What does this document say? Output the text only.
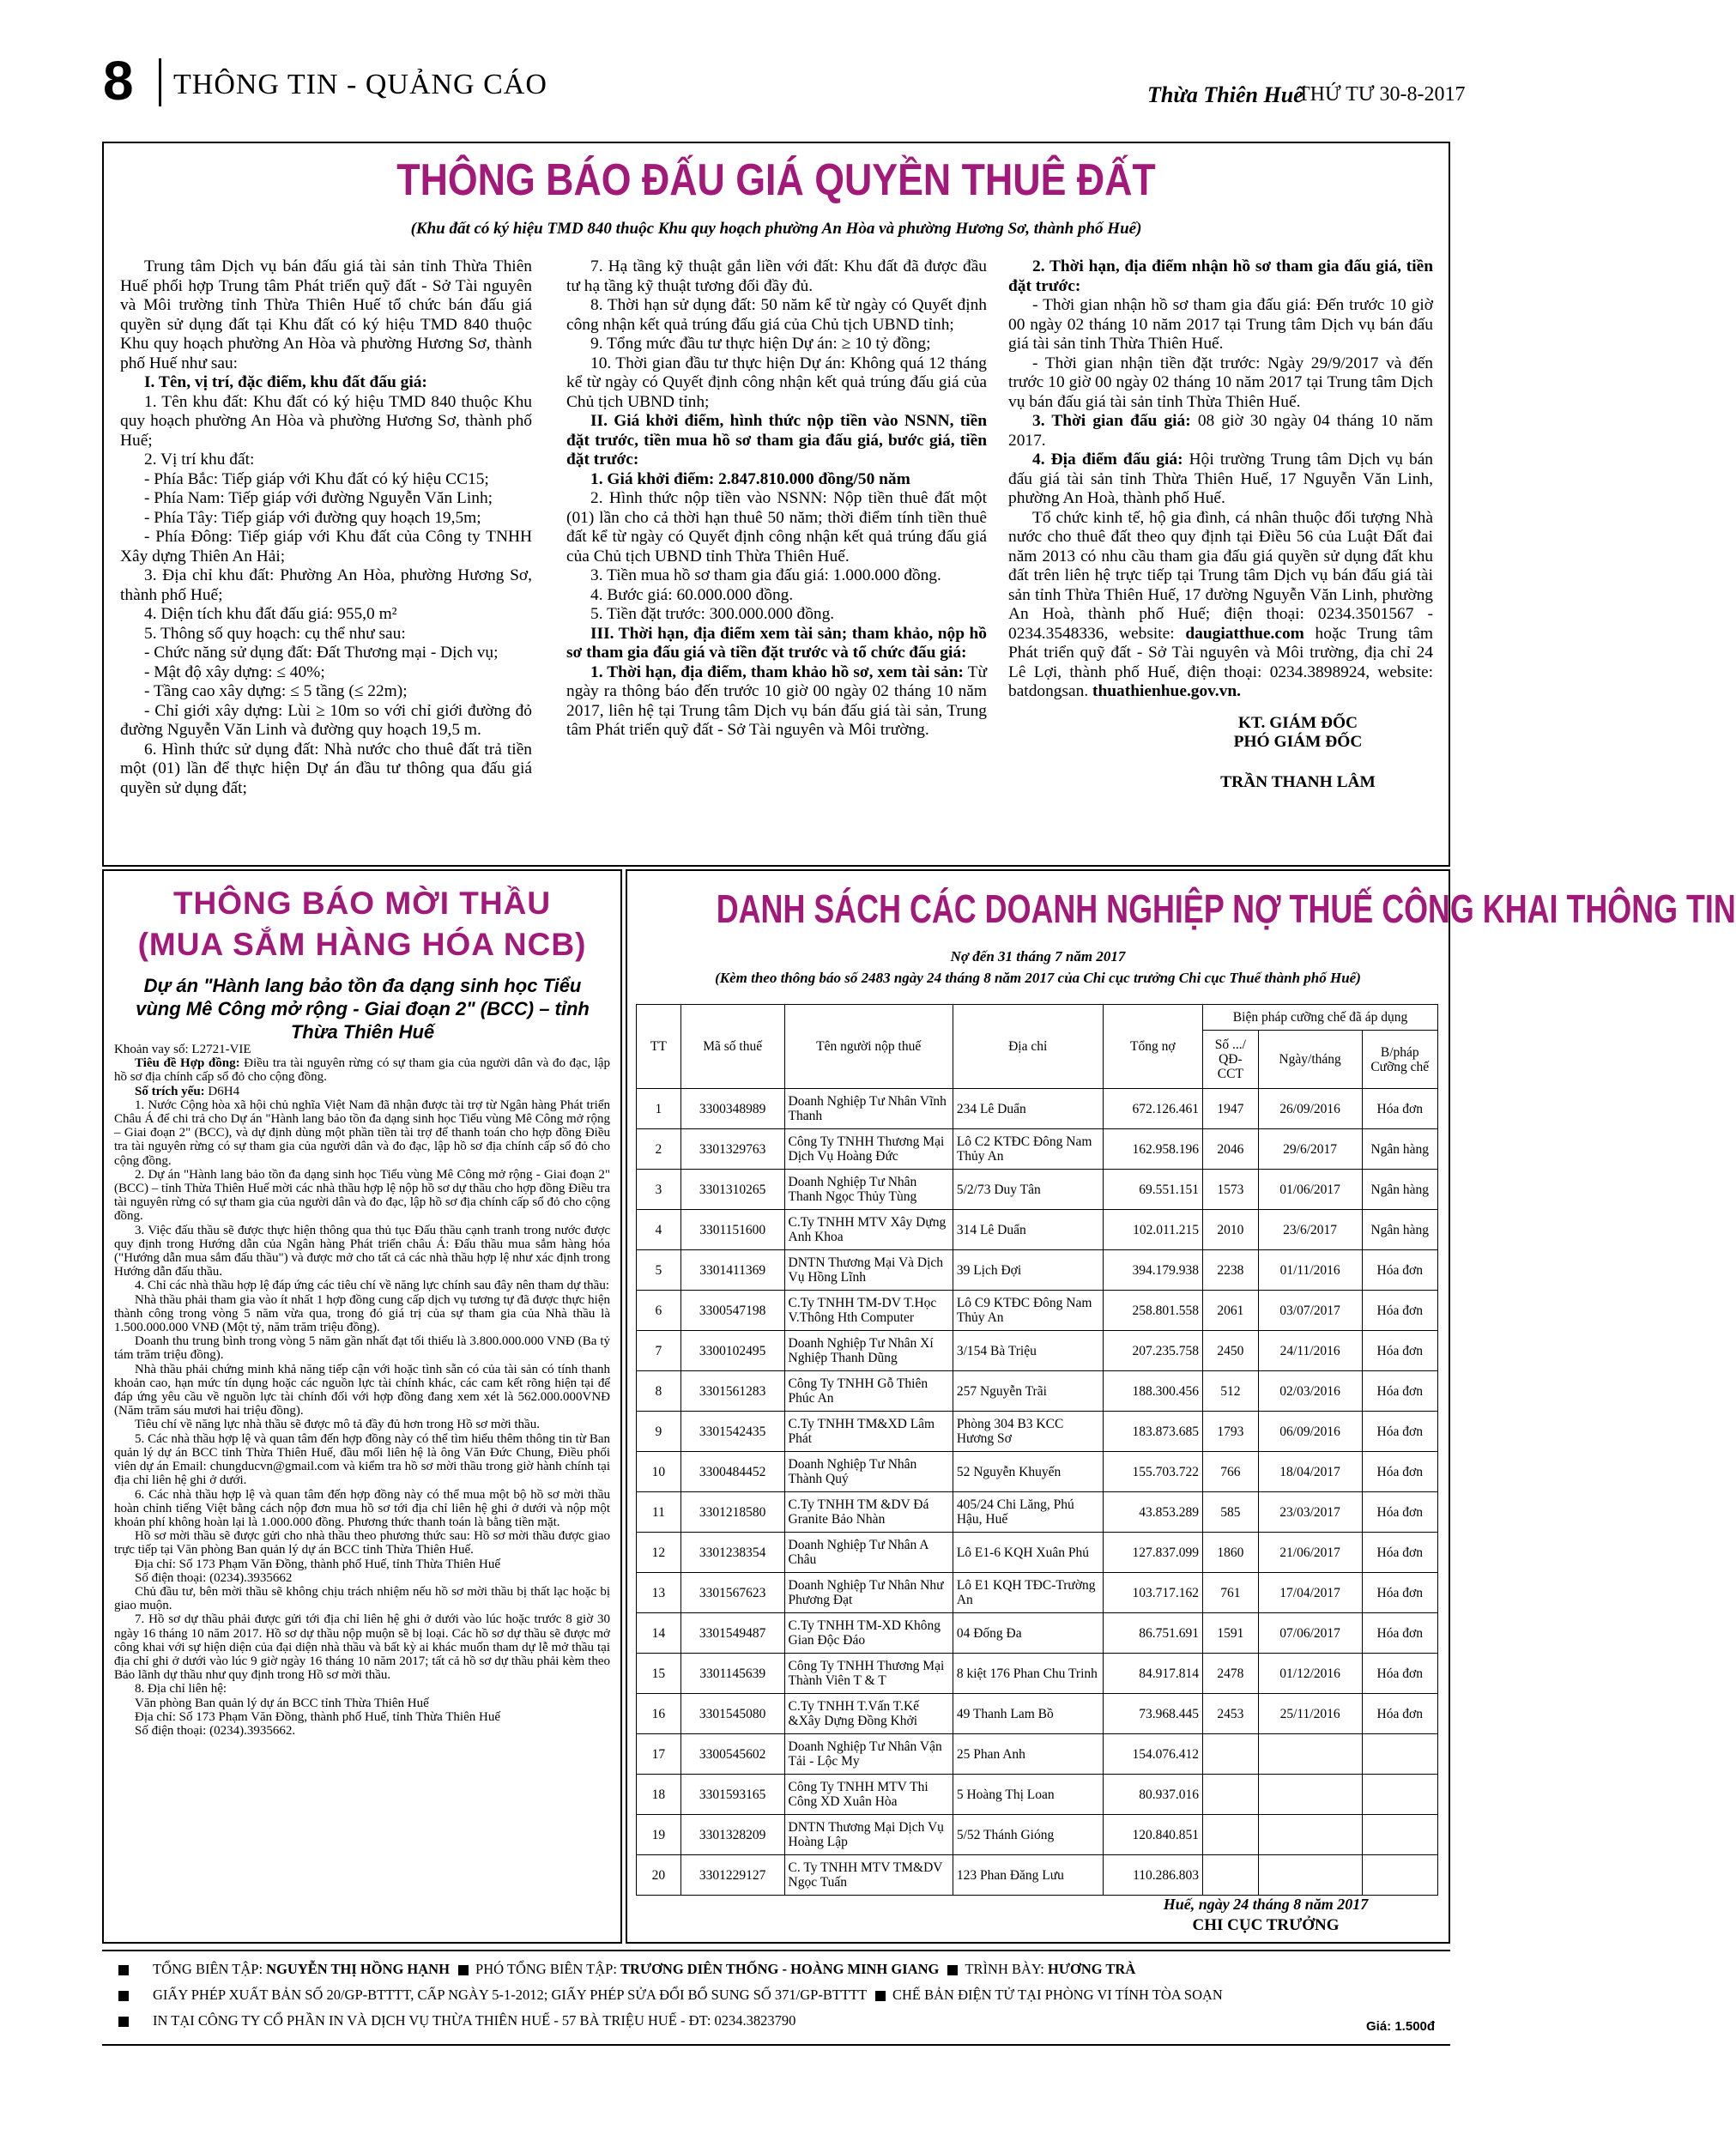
8 THÔNG TIN - QUẢNG CÁO	Thừa Thiên Huế
THỨ TƯ 30-8-2017
THÔNG BÁO ĐẤU GIÁ QUYỀN THUÊ ĐẤT
(Khu đất có ký hiệu TMD 840 thuộc Khu quy hoạch phường An Hòa và phường Hương Sơ, thành phố Huế)

Trung tâm Dịch vụ bán đấu giá tài sản tỉnh Thừa Thiên Huế phối hợp Trung tâm Phát triển quỹ đất - Sở Tài nguyên và Môi trường tỉnh Thừa Thiên Huế tổ chức bán đấu giá quyền sử dụng đất tại Khu đất có ký hiệu TMD 840 thuộc Khu quy hoạch phường An Hòa và phường Hương Sơ, thành phố Huế như sau:

I. Tên, vị trí, đặc điểm, khu đất đấu giá:

1. Tên khu đất: Khu đất có ký hiệu TMD 840 thuộc Khu quy hoạch phường An Hòa và phường Hương Sơ, thành phố Huế;

2. Vị trí khu đất:

- Phía Bắc: Tiếp giáp với Khu đất có ký hiệu CC15;

- Phía Nam: Tiếp giáp với đường Nguyễn Văn Linh;

- Phía Tây: Tiếp giáp với đường quy hoạch 19,5m;

- Phía Đông: Tiếp giáp với Khu đất của Công ty TNHH Xây dựng Thiên An Hải;

3. Địa chỉ khu đất: Phường An Hòa, phường Hương Sơ, thành phố Huế;

4. Diện tích khu đất đấu giá: 955,0 m²

5. Thông số quy hoạch: cụ thể như sau:

- Chức năng sử dụng đất: Đất Thương mại - Dịch vụ;

- Mật độ xây dựng: ≤ 40%;

- Tầng cao xây dựng: ≤ 5 tầng (≤ 22m);

- Chỉ giới xây dựng: Lùi ≥ 10m so với chỉ giới đường đỏ đường Nguyễn Văn Linh và đường quy hoạch 19,5 m.

6. Hình thức sử dụng đất: Nhà nước cho thuê đất trả tiền một (01) lần để thực hiện Dự án đầu tư thông qua đấu giá quyền sử dụng đất;

7. Hạ tầng kỹ thuật gắn liền với đất: Khu đất đã được đầu tư hạ tầng kỹ thuật tương đối đầy đủ.

8. Thời hạn sử dụng đất: 50 năm kể từ ngày có Quyết định công nhận kết quả trúng đấu giá của Chủ tịch UBND tỉnh;

9. Tổng mức đầu tư thực hiện Dự án: ≥ 10 tỷ đồng;

10. Thời gian đầu tư thực hiện Dự án: Không quá 12 tháng kể từ ngày có Quyết định công nhận kết quả trúng đấu giá của Chủ tịch UBND tỉnh;

II. Giá khởi điểm, hình thức nộp tiền vào NSNN, tiền đặt trước, tiền mua hồ sơ tham gia đấu giá, bước giá, tiền đặt trước:

1. Giá khởi điểm: 2.847.810.000 đồng/50 năm

2. Hình thức nộp tiền vào NSNN: Nộp tiền thuê đất một (01) lần cho cả thời hạn thuê 50 năm; thời điểm tính tiền thuê đất kể từ ngày có Quyết định công nhận kết quả trúng đấu giá của Chủ tịch UBND tỉnh Thừa Thiên Huế.

3. Tiền mua hồ sơ tham gia đấu giá: 1.000.000 đồng.

4. Bước giá: 60.000.000 đồng.

5. Tiền đặt trước: 300.000.000 đồng.

III. Thời hạn, địa điểm xem tài sản; tham khảo, nộp hồ sơ tham gia đấu giá và tiền đặt trước và tổ chức đấu giá:

1. Thời hạn, địa điểm, tham khảo hồ sơ, xem tài sản: Từ ngày ra thông báo đến trước 10 giờ 00 ngày 02 tháng 10 năm 2017, liên hệ tại Trung tâm Dịch vụ bán đấu giá tài sản, Trung tâm Phát triển quỹ đất - Sở Tài nguyên và Môi trường.

2. Thời hạn, địa điểm nhận hồ sơ tham gia đấu giá, tiền đặt trước:

- Thời gian nhận hồ sơ tham gia đấu giá: Đến trước 10 giờ 00 ngày 02 tháng 10 năm 2017 tại Trung tâm Dịch vụ bán đấu giá tài sản tỉnh Thừa Thiên Huế.

- Thời gian nhận tiền đặt trước: Ngày 29/9/2017 và đến trước 10 giờ 00 ngày 02 tháng 10 năm 2017 tại Trung tâm Dịch vụ bán đấu giá tài sản tỉnh Thừa Thiên Huế.

3. Thời gian đấu giá: 08 giờ 30 ngày 04 tháng 10 năm 2017.

4. Địa điểm đấu giá: Hội trường Trung tâm Dịch vụ bán đấu giá tài sản tỉnh Thừa Thiên Huế, 17 Nguyễn Văn Linh, phường An Hoà, thành phố Huế.

Tổ chức kinh tế, hộ gia đình, cá nhân thuộc đối tượng Nhà nước cho thuê đất theo quy định tại Điều 56 của Luật Đất đai năm 2013 có nhu cầu tham gia đấu giá quyền sử dụng đất khu đất trên liên hệ trực tiếp tại Trung tâm Dịch vụ bán đấu giá tài sản tỉnh Thừa Thiên Huế, 17 đường Nguyễn Văn Linh, phường An Hoà, thành phố Huế; điện thoại: 0234.3501567 - 0234.3548336, website: daugiatthue.com hoặc Trung tâm Phát triển quỹ đất - Sở Tài nguyên và Môi trường, địa chỉ 24 Lê Lợi, thành phố Huế, điện thoại: 0234.3898924, website: batdongsan. thuathienhue.gov.vn.

KT. GIÁM ĐỐC

PHÓ GIÁM ĐỐC

TRẦN THANH LÂM

THÔNG BÁO MỜI THẦU
(MUA SẮM HÀNG HÓA NCB)
Dự án "Hành lang bảo tồn đa dạng sinh học Tiểu vùng Mê Công mở rộng - Giai đoạn 2" (BCC) – tỉnh Thừa Thiên Huế

Khoản vay số: L2721-VIE

Tiêu đề Hợp đồng: Điều tra tài nguyên rừng có sự tham gia của người dân và đo đạc, lập hồ sơ địa chính cấp sổ đỏ cho cộng đồng.

Số trích yếu: D6H4

1. Nước Cộng hòa xã hội chủ nghĩa Việt Nam đã nhận được tài trợ từ Ngân hàng Phát triển Châu Á để chi trả cho Dự án "Hành lang bảo tồn đa dạng sinh học Tiểu vùng Mê Công mở rộng – Giai đoạn 2" (BCC), và dự định dùng một phần tiền tài trợ để thanh toán cho hợp đồng Điều tra tài nguyên rừng có sự tham gia của người dân và đo đạc, lập hồ sơ địa chính cấp sổ đỏ cho cộng đồng.

2. Dự án "Hành lang bảo tồn đa dạng sinh học Tiểu vùng Mê Công mở rộng - Giai đoạn 2" (BCC) – tỉnh Thừa Thiên Huế mời các nhà thầu hợp lệ nộp hồ sơ dự thầu cho hợp đồng Điều tra tài nguyên rừng có sự tham gia của người dân và đo đạc, lập hồ sơ địa chính cấp sổ đỏ cho cộng đồng.

3. Việc đấu thầu sẽ được thực hiện thông qua thủ tục Đấu thầu cạnh tranh trong nước được quy định trong Hướng dẫn của Ngân hàng Phát triển châu Á: Đấu thầu mua sắm hàng hóa ("Hướng dẫn mua sắm đấu thầu") và được mở cho tất cả các nhà thầu hợp lệ như xác định trong Hướng dẫn đấu thầu.

4. Chỉ các nhà thầu hợp lệ đáp ứng các tiêu chí về năng lực chính sau đây nên tham dự thầu:

Nhà thầu phải tham gia vào ít nhất 1 hợp đồng cung cấp dịch vụ tương tự đã được thực hiện thành công trong vòng 5 năm vừa qua, trong đó giá trị của sự tham gia của Nhà thầu là 1.500.000.000 VNĐ (Một tỷ, năm trăm triệu đồng).

Doanh thu trung bình trong vòng 5 năm gần nhất đạt tối thiểu là 3.800.000.000 VNĐ (Ba tỷ tám trăm triệu đồng).

Nhà thầu phải chứng minh khả năng tiếp cận với hoặc tình sẵn có của tài sản có tính thanh khoản cao, hạn mức tín dụng hoặc các nguồn lực tài chính khác, các cam kết rõng hiện tại để đáp ứng yêu cầu về nguồn lực tài chính đối với hợp đồng đang xem xét là 562.000.000VNĐ (Năm trăm sáu mươi hai triệu đồng).

Tiêu chí về năng lực nhà thầu sẽ được mô tả đầy đủ hơn trong Hồ sơ mời thầu.

5. Các nhà thầu hợp lệ và quan tâm đến hợp đồng này có thể tìm hiểu thêm thông tin từ Ban quản lý dự án BCC tỉnh Thừa Thiên Huế, đầu mối liên hệ là ông Văn Đức Chung, Điều phối viên dự án Email: chungducvn@gmail.com và kiểm tra hồ sơ mời thầu trong giờ hành chính tại địa chỉ liên hệ ghi ở dưới.

6. Các nhà thầu hợp lệ và quan tâm đến hợp đồng này có thể mua một bộ hồ sơ mời thầu hoàn chỉnh tiếng Việt bằng cách nộp đơn mua hồ sơ tới địa chỉ liên hệ ghi ở dưới và nộp một khoản phí không hoàn lại là 1.000.000 đồng. Phương thức thanh toán là bằng tiền mặt.

Hồ sơ mời thầu sẽ được gửi cho nhà thầu theo phương thức sau: Hồ sơ mời thầu được giao trực tiếp tại Văn phòng Ban quản lý dự án BCC tỉnh Thừa Thiên Huế.

Địa chỉ: Số 173 Phạm Văn Đồng, thành phố Huế, tỉnh Thừa Thiên Huế

Số điện thoại: (0234).3935662

Chủ đầu tư, bên mời thầu sẽ không chịu trách nhiệm nếu hồ sơ mời thầu bị thất lạc hoặc bị giao muộn.

7. Hồ sơ dự thầu phải được gửi tới địa chỉ liên hệ ghi ở dưới vào lúc hoặc trước 8 giờ 30 ngày 16 tháng 10 năm 2017. Hồ sơ dự thầu nộp muộn sẽ bị loại. Các hồ sơ dự thầu sẽ được mở công khai với sự hiện diện của đại diện nhà thầu và bất kỳ ai khác muốn tham dự lễ mở thầu tại địa chỉ ghi ở dưới vào lúc 9 giờ ngày 16 tháng 10 năm 2017; tất cả hồ sơ dự thầu phải kèm theo Bảo lãnh dự thầu như quy định trong Hồ sơ mời thầu.

8. Địa chỉ liên hệ:

Văn phòng Ban quản lý dự án BCC tỉnh Thừa Thiên Huế

Địa chỉ: Số 173 Phạm Văn Đồng, thành phố Huế, tỉnh Thừa Thiên Huế

Số điện thoại: (0234).3935662.

DANH SÁCH CÁC DOANH NGHIỆP NỢ THUẾ CÔNG KHAI THÔNG TIN
Nợ đến 31 tháng 7 năm 2017
(Kèm theo thông báo số 2483 ngày 24 tháng 8 năm 2017 của Chi cục trưởng Chi cục Thuế thành phố Huế)
TT	Mã số thuế	Tên người nộp thuế	Địa chỉ	Tổng nợ	Biện pháp cưỡng chế đã áp dụng		
					Số .../ QĐ-CCT	Ngày/tháng	B/pháp Cưỡng chế
1	3300348989	Doanh Nghiệp Tư Nhân Vĩnh Thanh	234 Lê Duẩn	672.126.461	1947	26/09/2016	Hóa đơn
2	3301329763	Công Ty TNHH Thương Mại Dịch Vụ Hoàng Đức	Lô C2 KTĐC Đông Nam Thủy An	162.958.196	2046	29/6/2017	Ngân hàng
3	3301310265	Doanh Nghiệp Tư Nhân Thanh Ngọc Thủy Tùng	5/2/73 Duy Tân	69.551.151	1573	01/06/2017	Ngân hàng
4	3301151600	C.Ty TNHH MTV Xây Dựng Anh Khoa	314 Lê Duẩn	102.011.215	2010	23/6/2017	Ngân hàng
5	3301411369	DNTN Thương Mại Và Dịch Vụ Hồng Lĩnh	39 Lịch Đợi	394.179.938	2238	01/11/2016	Hóa đơn
6	3300547198	C.Ty TNHH TM-DV T.Học V.Thông Hth Computer	Lô C9 KTĐC Đông Nam Thủy An	258.801.558	2061	03/07/2017	Hóa đơn
7	3300102495	Doanh Nghiệp Tư Nhân Xí Nghiệp Thanh Dũng	3/154 Bà Triệu	207.235.758	2450	24/11/2016	Hóa đơn
8	3301561283	Công Ty TNHH Gỗ Thiên Phúc An	257 Nguyễn Trãi	188.300.456	512	02/03/2016	Hóa đơn
9	3301542435	C.Ty TNHH TM&XD Lâm Phát	Phòng 304 B3 KCC Hương Sơ	183.873.685	1793	06/09/2016	Hóa đơn
10	3300484452	Doanh Nghiệp Tư Nhân Thành Quý	52 Nguyễn Khuyến	155.703.722	766	18/04/2017	Hóa đơn
11	3301218580	C.Ty TNHH TM &DV Đá Granite Bảo Nhàn	405/24 Chi Lăng, Phú Hậu, Huế	43.853.289	585	23/03/2017	Hóa đơn
12	3301238354	Doanh Nghiệp Tư Nhân A Châu	Lô E1-6 KQH Xuân Phú	127.837.099	1860	21/06/2017	Hóa đơn
13	3301567623	Doanh Nghiệp Tư Nhân Như Phương Đạt	Lô E1 KQH TĐC-Trường An	103.717.162	761	17/04/2017	Hóa đơn
14	3301549487	C.Ty TNHH TM-XD Không Gian Độc Đáo	04 Đống Đa	86.751.691	1591	07/06/2017	Hóa đơn
15	3301145639	Công Ty TNHH Thương Mại Thành Viên T & T	8 kiệt 176 Phan Chu Trinh	84.917.814	2478	01/12/2016	Hóa đơn
16	3301545080	C.Ty TNHH T.Vấn T.Kế &Xây Dựng Đồng Khởi	49 Thanh Lam Bồ	73.968.445	2453	25/11/2016	Hóa đơn
17	3300545602	Doanh Nghiệp Tư Nhân Vận Tải - Lộc My	25 Phan Anh	154.076.412			
18	3301593165	Công Ty TNHH MTV Thi Công XD Xuân Hòa	5 Hoàng Thị Loan	80.937.016			
19	3301328209	DNTN Thương Mại Dịch Vụ Hoàng Lập	5/52 Thánh Gióng	120.840.851			
20	3301229127	C. Ty TNHH MTV TM&DV Ngọc Tuấn	123 Phan Đăng Lưu	110.286.803			
Huế, ngày 24 tháng 8 năm 2017
CHI CỤC TRƯỞNG
TỔNG BIÊN TẬP: NGUYỄN THỊ HỒNG HẠNH PHÓ TỔNG BIÊN TẬP: TRƯƠNG DIÊN THỐNG - HOÀNG MINH GIANG TRÌNH BÀY: HƯƠNG TRÀ
GIẤY PHÉP XUẤT BẢN SỐ 20/GP-BTTTT, CẤP NGÀY 5-1-2012; GIẤY PHÉP SỬA ĐỔI BỔ SUNG SỐ 371/GP-BTTTT CHẾ BẢN ĐIỆN TỬ TẠI PHÒNG VI TÍNH TÒA SOẠN
IN TẠI CÔNG TY CỔ PHẦN IN VÀ DỊCH VỤ THỪA THIÊN HUẾ - 57 BÀ TRIỆU HUẾ - ĐT: 0234.3823790	Giá: 1.500đ
